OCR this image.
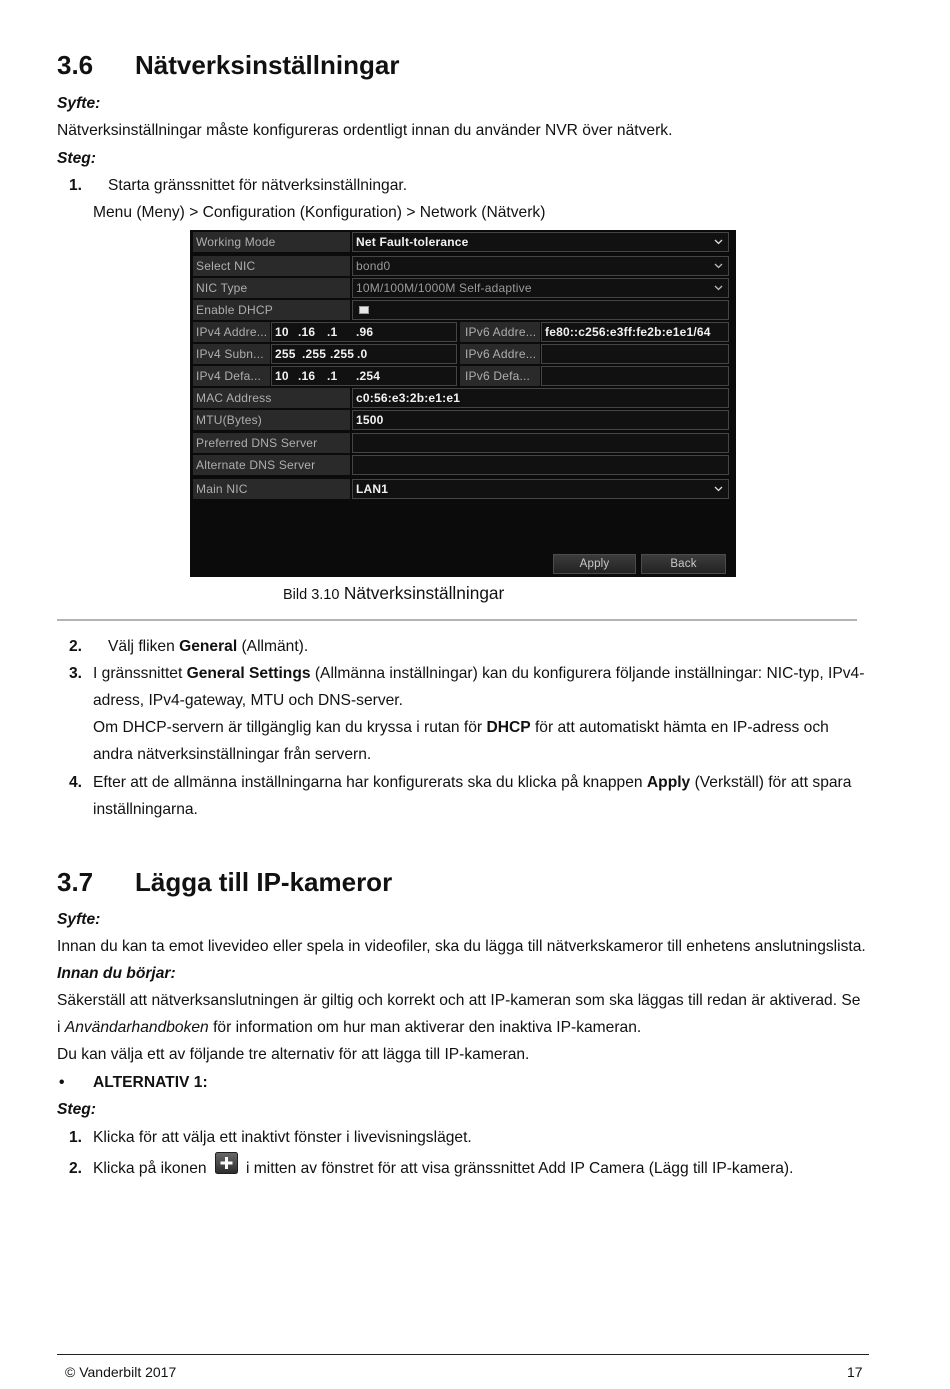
3.6 Nätverksinställningar
Syfte:
Nätverksinställningar måste konfigureras ordentligt innan du använder NVR över nätverk.
Steg:
1. Starta gränssnittet för nätverksinställningar.
Menu (Meny) > Configuration (Konfiguration) > Network (Nätverk)
Working Mode	Net Fault-tolerance
Select NIC	bond0
NIC Type	10M/100M/1000M Self-adaptive
Enable DHCP
IPv4 Addre... 10 .16 .1 .96	IPv6 Addre... fe80::c256:e3ff:fe2b:e1e1/64
IPv4 Subn... 255 .255 .255 .0	IPv6 Addre...
IPv4 Defa...	10 .16 .1 .254	IPv6 Defa...
MAC Address	c0:56:e3:2b:e1:e1
MTU(Bytes)	1500
Preferred DNS Server
Alternate DNS Server
Main NIC	LAN1
Apply	Back
Bild 3.10 Nätverksinställningar
2. Välj fliken General (Allmänt).
3. I gränssnittet General Settings (Allmänna inställningar) kan du konfigurera följande inställningar: NIC-typ, IPv4-
adress, IPv4-gateway, MTU och DNS-server.
Om DHCP-servern är tillgänglig kan du kryssa i rutan för DHCP för att automatiskt hämta en IP-adress och
andra nätverksinställningar från servern.
4. Efter att de allmänna inställningarna har konfigurerats ska du klicka på knappen Apply (Verkställ) för att spara
inställningarna.
3.7 Lägga till IP-kameror
Syfte:
Innan du kan ta emot livevideo eller spela in videofiler, ska du lägga till nätverkskameror till enhetens anslutningslista.
Innan du börjar:
Säkerställ att nätverksanslutningen är giltig och korrekt och att IP-kameran som ska läggas till redan är aktiverad. Se
i Användarhandboken för information om hur man aktiverar den inaktiva IP-kameran.
Du kan välja ett av följande tre alternativ för att lägga till IP-kameran.
• ALTERNATIV 1:
Steg:
1. Klicka för att välja ett inaktivt fönster i livevisningsläget.
2. Klicka på ikonen	i mitten av fönstret för att visa gränssnittet Add IP Camera (Lägg till IP-kamera).
© Vanderbilt 2017	17
